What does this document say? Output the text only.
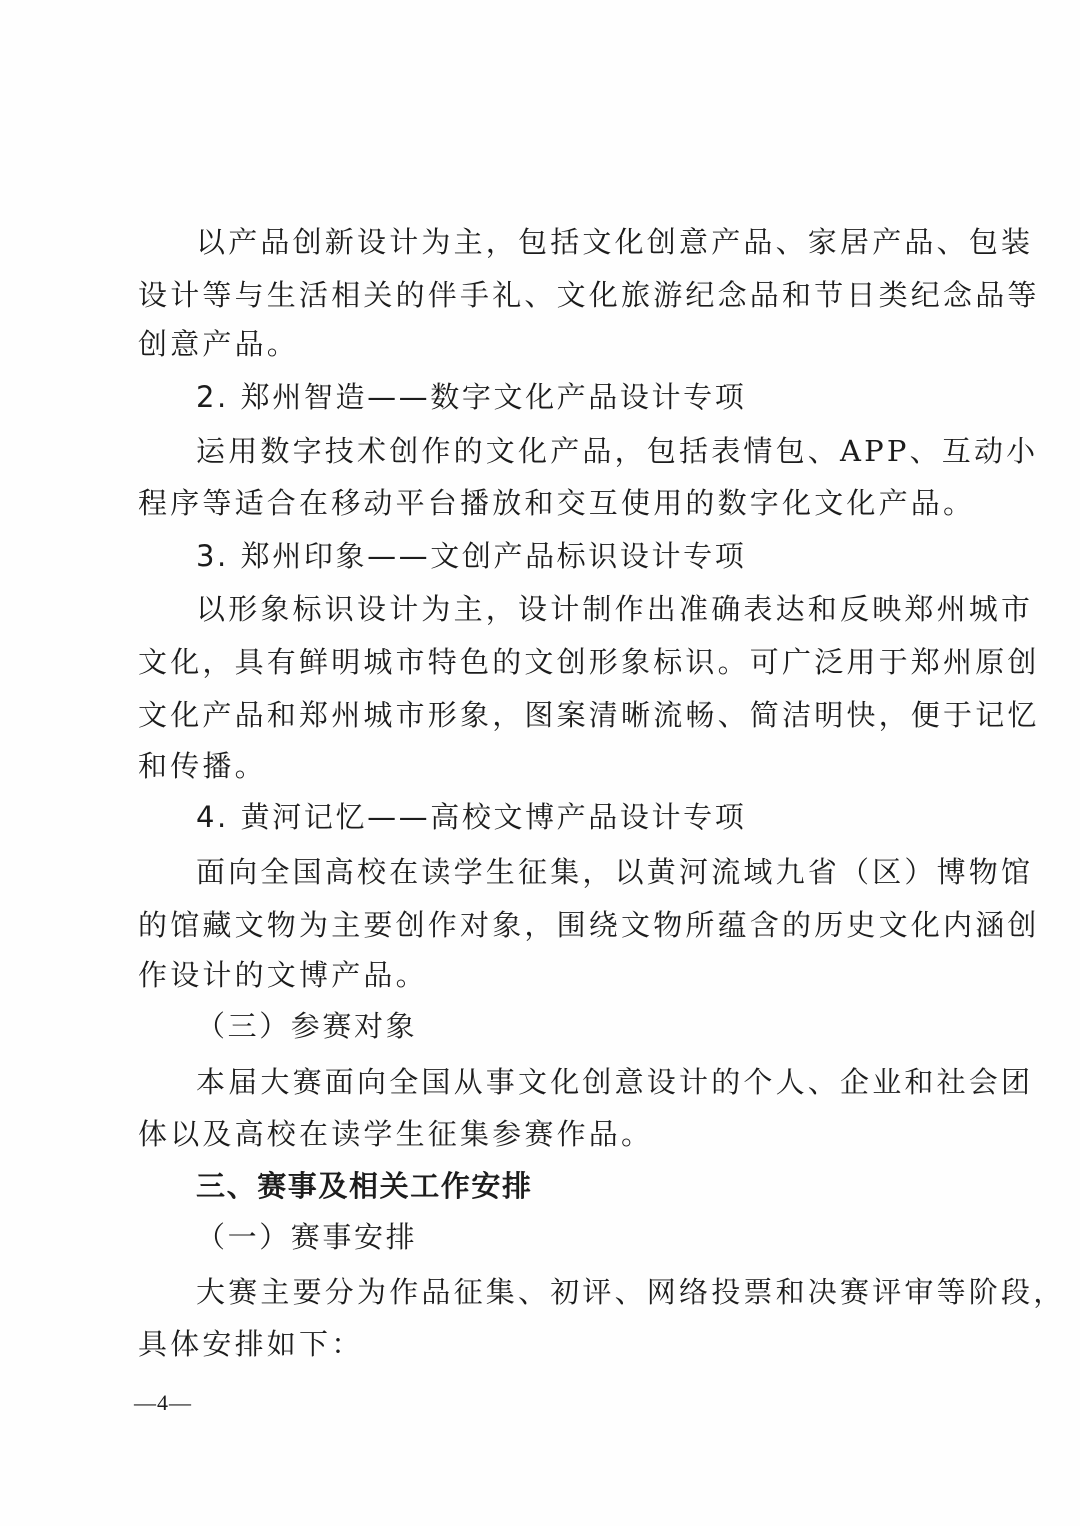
以产品创新设计为主，包括文化创意产品、家居产品、包装

设计等与生活相关的伴手礼、文化旅游纪念品和节日类纪念品等

创意产品。

2. 郑州智造——数字文化产品设计专项

运用数字技术创作的文化产品，包括表情包、APP、互动小

程序等适合在移动平台播放和交互使用的数字化文化产品。

3. 郑州印象——文创产品标识设计专项

以形象标识设计为主，设计制作出准确表达和反映郑州城市

文化，具有鲜明城市特色的文创形象标识。可广泛用于郑州原创

文化产品和郑州城市形象，图案清晰流畅、简洁明快，便于记忆

和传播。

4. 黄河记忆——高校文博产品设计专项

面向全国高校在读学生征集，以黄河流域九省（区）博物馆

的馆藏文物为主要创作对象，围绕文物所蕴含的历史文化内涵创

作设计的文博产品。

（三）参赛对象

本届大赛面向全国从事文化创意设计的个人、企业和社会团

体以及高校在读学生征集参赛作品。

三、赛事及相关工作安排

（一）赛事安排

大赛主要分为作品征集、初评、网络投票和决赛评审等阶段，

具体安排如下：

—4—
